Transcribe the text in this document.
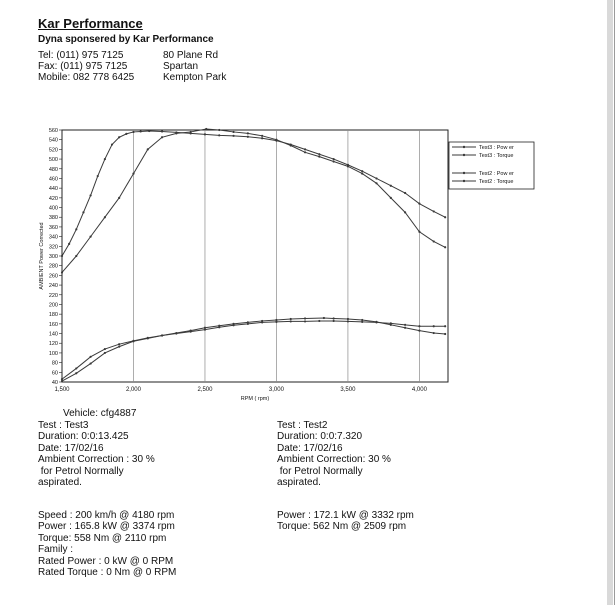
Kar Performance
Dyna sponsered by Kar Performance
Tel: (011) 975 7125
Fax: (011) 975 7125
Mobile: 082 778 6425
80 Plane Rd
Spartan
Kempton Park
1,500	2,000	2,500	3,000	3,500	4,000
40
60
80
100
120
140
160
180
200
220
240
260
280
300
320
340
360
380
400
420
440
460
480
500
520
540
560
RPM ( rpm)
AMBIENT Power Corrected
Test3 : Pow er
Test3 : Torque
Test2 : Pow er
Test2 : Torque
Vehicle: cfg4887
Test : Test3
Duration: 0:0:13.425
Date: 17/02/16
Ambient Correction : 30 %
for Petrol Normally
aspirated.
Test : Test2
Duration: 0:0:7.320
Date: 17/02/16
Ambient Correction: 30 %
for Petrol Normally
aspirated.
Speed : 200 km/h @ 4180 rpm
Power : 165.8 kW @ 3374 rpm
Torque: 558 Nm @ 2110 rpm
Family :
Rated Power : 0 kW @ 0 RPM
Rated Torque : 0 Nm @ 0 RPM
Power : 172.1 kW @ 3332 rpm
Torque: 562 Nm @ 2509 rpm
